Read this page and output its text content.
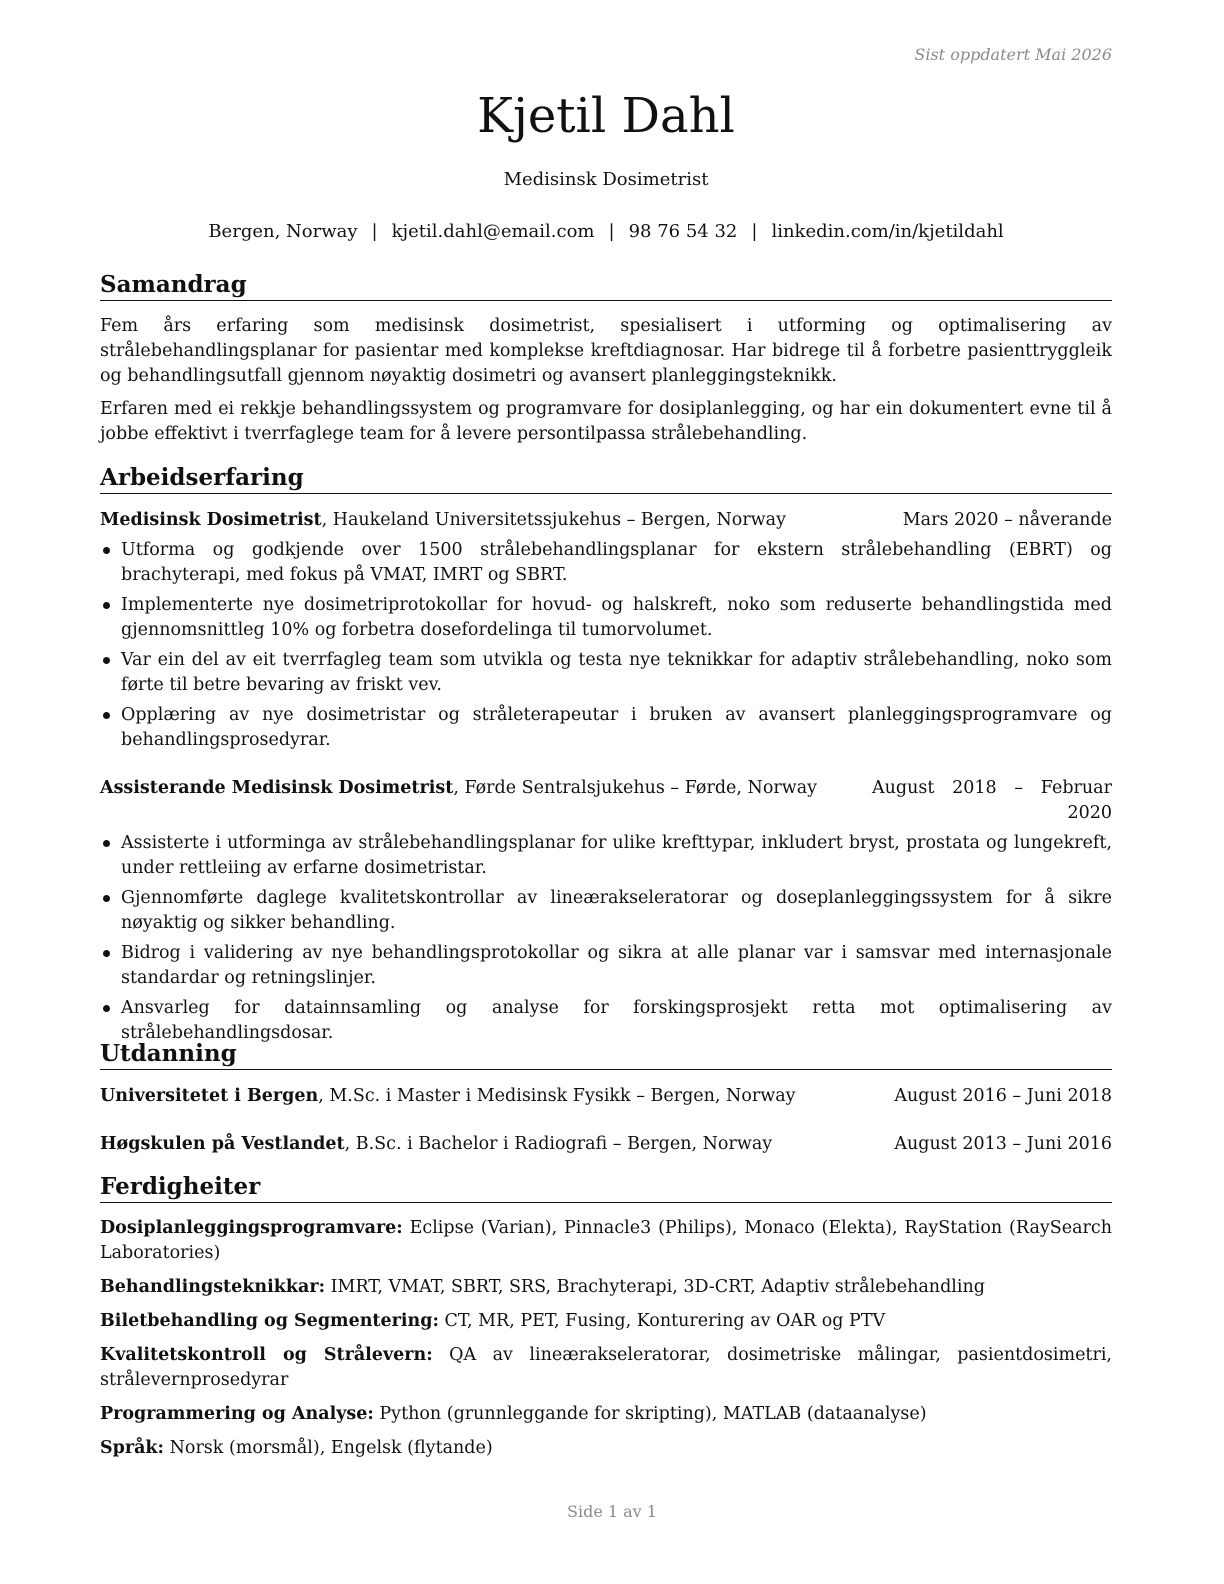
Sist oppdatert Mai 2026
Kjetil Dahl
Medisinsk Dosimetrist
Bergen, Norway | kjetil.dahl@email.com | 98 76 54 32 | linkedin.com/in/kjetildahl
Samandrag

Fem års erfaring som medisinsk dosimetrist, spesialisert i utforming og optimalisering av strålebehandlingsplanar for pasientar med komplekse kreftdiagnosar. Har bidrege til å forbetre pasienttryggleik og behandlingsutfall gjennom nøyaktig dosimetri og avansert planleggingsteknikk.

Erfaren med ei rekkje behandlingssystem og programvare for dosiplanlegging, og har ein dokumentert evne til å jobbe effektivt i tverrfaglege team for å levere persontilpassa strålebehandling.

Arbeidserfaring
Medisinsk Dosimetrist, Haukeland Universitetssjukehus – Bergen, Norway	Mars 2020 – nåverande
Utforma og godkjende over 1500 strålebehandlingsplanar for ekstern strålebehandling (EBRT) og brachyterapi, med fokus på VMAT, IMRT og SBRT.
Implementerte nye dosimetriprotokollar for hovud- og halskreft, noko som reduserte behandlingstida med gjennomsnittleg 10% og forbetra dosefordelinga til tumorvolumet.
Var ein del av eit tverrfagleg team som utvikla og testa nye teknikkar for adaptiv strålebehandling, noko som førte til betre bevaring av friskt vev.
Opplæring av nye dosimetristar og stråleterapeutar i bruken av avansert planleggingsprogramvare og behandlingsprosedyrar.
Assisterande Medisinsk Dosimetrist, Førde Sentralsjukehus – Førde, Norway	August 2018 – Februar 2020
Assisterte i utforminga av strålebehandlingsplanar for ulike krefttypar, inkludert bryst, prostata og lungekreft, under rettleiing av erfarne dosimetristar.
Gjennomførte daglege kvalitetskontrollar av lineærakseleratorar og doseplanleggingssystem for å sikre nøyaktig og sikker behandling.
Bidrog i validering av nye behandlingsprotokollar og sikra at alle planar var i samsvar med internasjonale standardar og retningslinjer.
Ansvarleg for datainnsamling og analyse for forskingsprosjekt retta mot optimalisering av strålebehandlingsdosar.
Utdanning
Universitetet i Bergen, M.Sc. i Master i Medisinsk Fysikk – Bergen, Norway	August 2016 – Juni 2018
Høgskulen på Vestlandet, B.Sc. i Bachelor i Radiografi – Bergen, Norway	August 2013 – Juni 2016
Ferdigheiter

Dosiplanleggingsprogramvare: Eclipse (Varian), Pinnacle3 (Philips), Monaco (Elekta), RayStation (RaySearch Laboratories)

Behandlingsteknikkar: IMRT, VMAT, SBRT, SRS, Brachyterapi, 3D-CRT, Adaptiv strålebehandling

Biletbehandling og Segmentering: CT, MR, PET, Fusing, Konturering av OAR og PTV

Kvalitetskontroll og Strålevern: QA av lineærakseleratorar, dosimetriske målingar, pasientdosimetri, strålevernprosedyrar

Programmering og Analyse: Python (grunnleggande for skripting), MATLAB (dataanalyse)

Språk: Norsk (morsmål), Engelsk (flytande)

Side 1 av 1
